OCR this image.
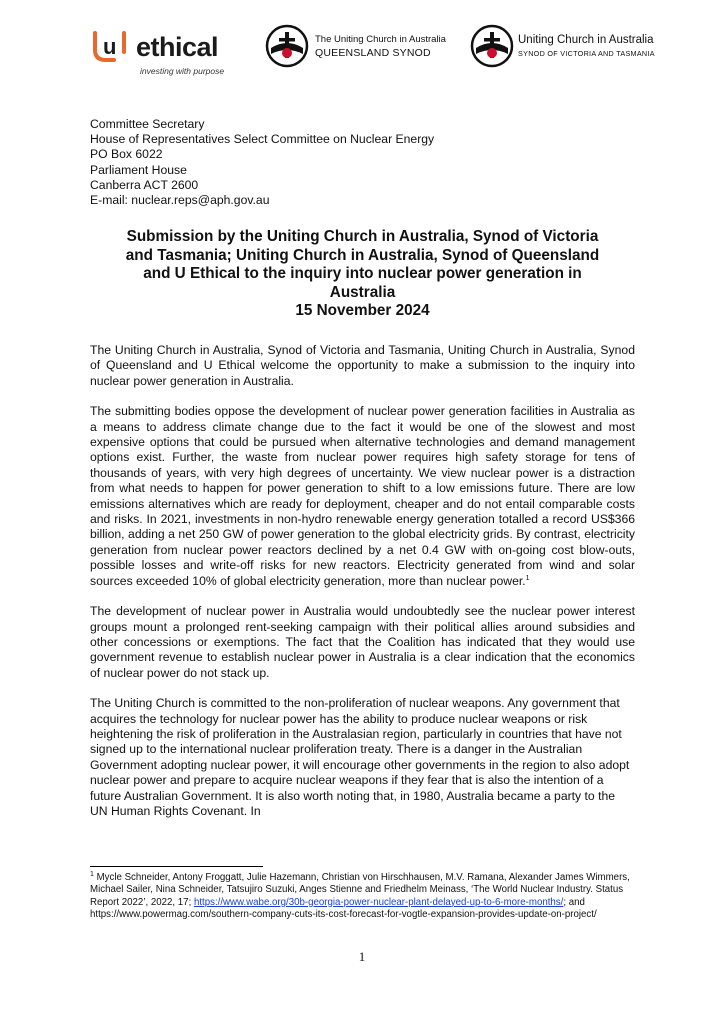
u ethical
investing with purpose
The Uniting Church in Australia
QUEENSLAND SYNOD
Uniting Church in Australia
SYNOD OF VICTORIA AND TASMANIA
Committee Secretary
House of Representatives Select Committee on Nuclear Energy
PO Box 6022
Parliament House
Canberra ACT 2600
E-mail: nuclear.reps@aph.gov.au
Submission by the Uniting Church in Australia, Synod of Victoria
and Tasmania; Uniting Church in Australia, Synod of Queensland
and U Ethical to the inquiry into nuclear power generation in
Australia
15 November 2024

The Uniting Church in Australia, Synod of Victoria and Tasmania, Uniting Church in Australia, Synod of Queensland and U Ethical welcome the opportunity to make a submission to the inquiry into nuclear power generation in Australia.

The submitting bodies oppose the development of nuclear power generation facilities in Australia as a means to address climate change due to the fact it would be one of the slowest and most expensive options that could be pursued when alternative technologies and demand management options exist. Further, the waste from nuclear power requires high safety storage for tens of thousands of years, with very high degrees of uncertainty. We view nuclear power is a distraction from what needs to happen for power generation to shift to a low emissions future. There are low emissions alternatives which are ready for deployment, cheaper and do not entail comparable costs and risks. In 2021, investments in non-hydro renewable energy generation totalled a record US$366 billion, adding a net 250 GW of power generation to the global electricity grids. By contrast, electricity generation from nuclear power reactors declined by a net 0.4 GW with on-going cost blow-outs, possible losses and write-off risks for new reactors. Electricity generated from wind and solar sources exceeded 10% of global electricity generation, more than nuclear power.$^1$

The development of nuclear power in Australia would undoubtedly see the nuclear power interest groups mount a prolonged rent-seeking campaign with their political allies around subsidies and other concessions or exemptions. The fact that the Coalition has indicated that they would use government revenue to establish nuclear power in Australia is a clear indication that the economics of nuclear power do not stack up.

The Uniting Church is committed to the non-proliferation of nuclear weapons. Any government that acquires the technology for nuclear power has the ability to produce nuclear weapons or risk heightening the risk of proliferation in the Australasian region, particularly in countries that have not signed up to the international nuclear proliferation treaty. There is a danger in the Australian Government adopting nuclear power, it will encourage other governments in the region to also adopt nuclear power and prepare to acquire nuclear weapons if they fear that is also the intention of a future Australian Government. It is also worth noting that, in 1980, Australia became a party to the UN Human Rights Covenant. In

$^1$ Mycle Schneider, Antony Froggatt, Julie Hazemann, Christian von Hirschhausen, M.V. Ramana, Alexander James Wimmers, Michael Sailer, Nina Schneider, Tatsujiro Suzuki, Anges Stienne and Friedhelm Meinass, ‘The World Nuclear Industry. Status Report 2022’, 2022, 17; https://www.wabe.org/30b-georgia-power-nuclear-plant-delayed-up-to-6-more-months/; and https://www.powermag.com/southern-company-cuts-its-cost-forecast-for-vogtle-expansion-provides-update-on-project/
1
